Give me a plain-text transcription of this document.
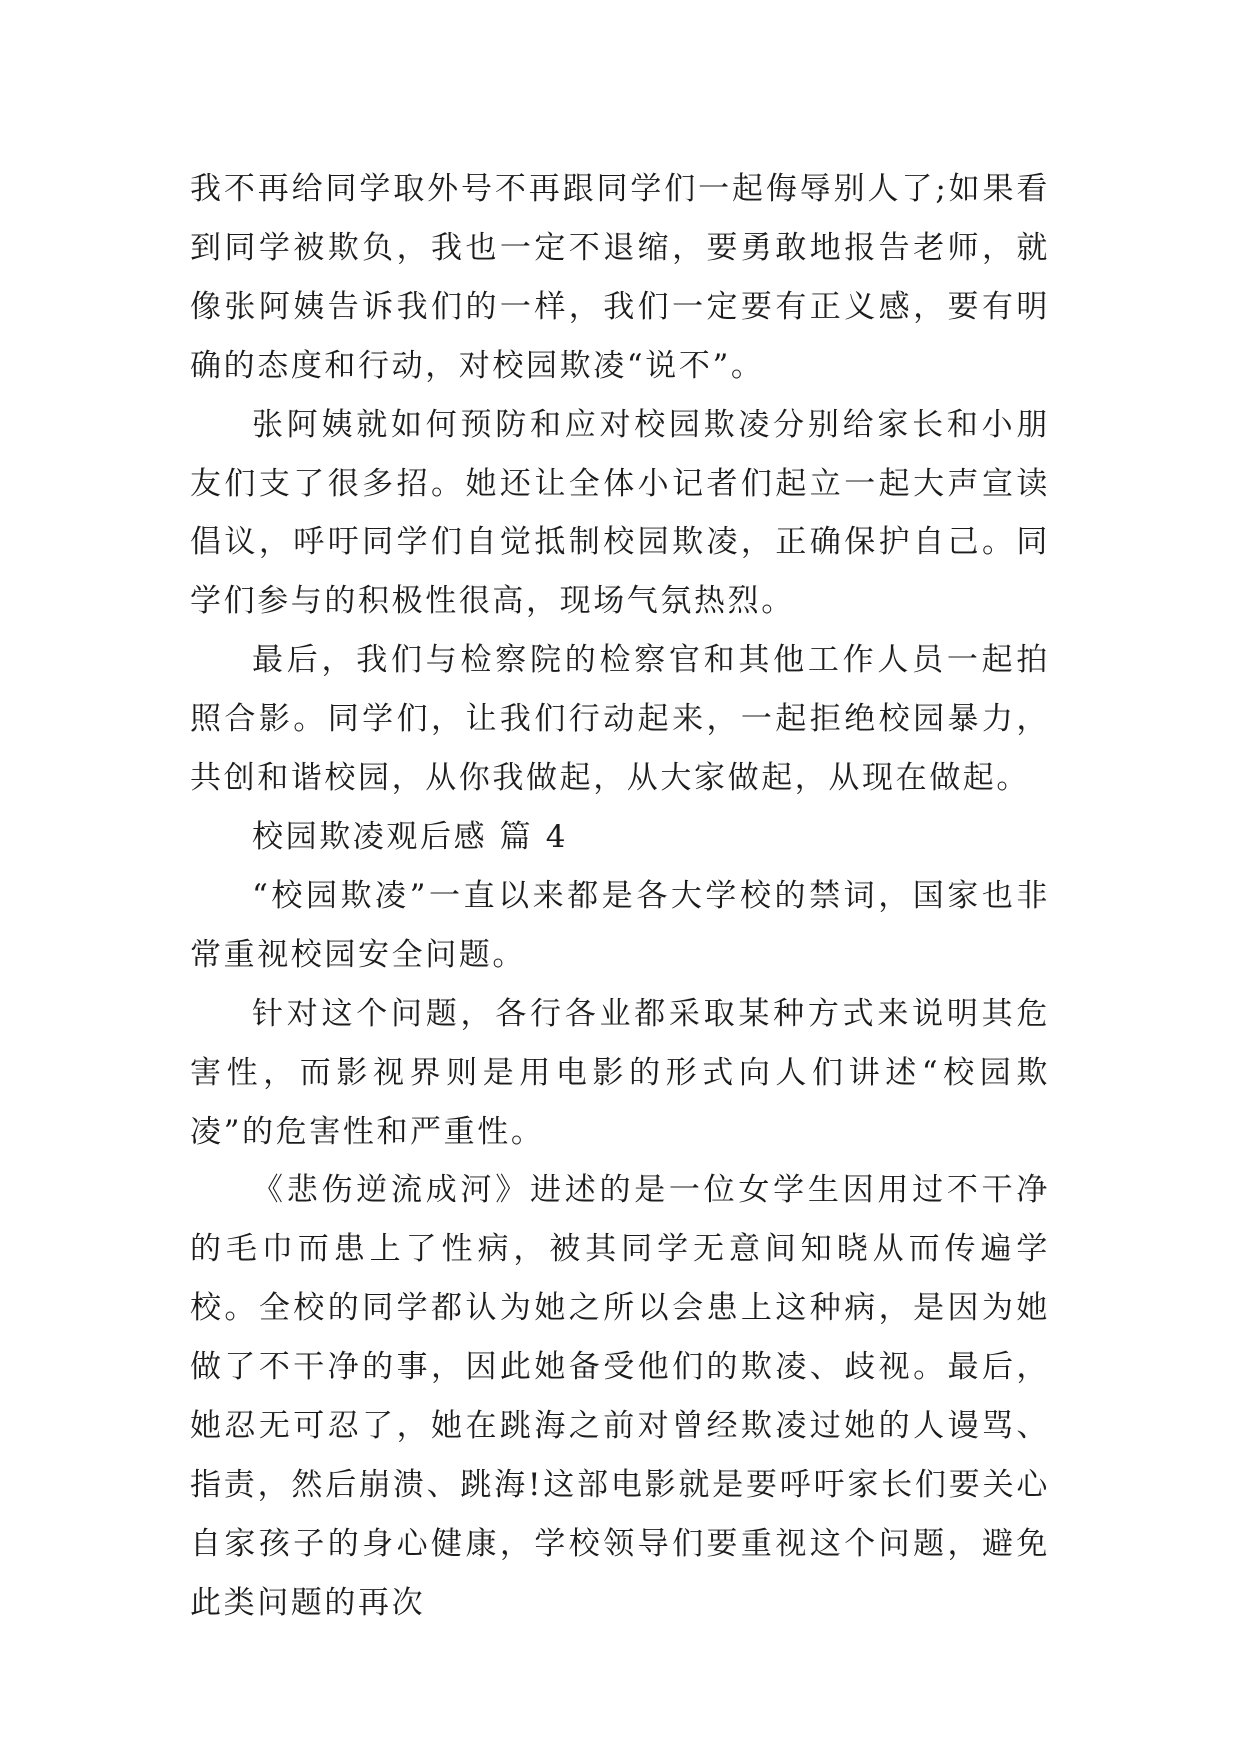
我不再给同学取外号不再跟同学们一起侮辱别人了;如果看到同学被欺负，我也一定不退缩，要勇敢地报告老师，就像张阿姨告诉我们的一样，我们一定要有正义感，要有明确的态度和行动，对校园欺凌“说不”。

张阿姨就如何预防和应对校园欺凌分别给家长和小朋友们支了很多招。她还让全体小记者们起立一起大声宣读倡议，呼吁同学们自觉抵制校园欺凌，正确保护自己。同学们参与的积极性很高，现场气氛热烈。

最后，我们与检察院的检察官和其他工作人员一起拍照合影。同学们，让我们行动起来，一起拒绝校园暴力，共创和谐校园，从你我做起，从大家做起，从现在做起。

校园欺凌观后感 篇 4

“校园欺凌”一直以来都是各大学校的禁词，国家也非常重视校园安全问题。

针对这个问题，各行各业都采取某种方式来说明其危害性，而影视界则是用电影的形式向人们讲述“校园欺凌”的危害性和严重性。

《悲伤逆流成河》进述的是一位女学生因用过不干净的毛巾而患上了性病，被其同学无意间知晓从而传遍学校。全校的同学都认为她之所以会患上这种病，是因为她做了不干净的事，因此她备受他们的欺凌、歧视。最后，她忍无可忍了，她在跳海之前对曾经欺凌过她的人谩骂、指责，然后崩溃、跳海!这部电影就是要呼吁家长们要关心自家孩子的身心健康，学校领导们要重视这个问题，避免此类问题的再次
